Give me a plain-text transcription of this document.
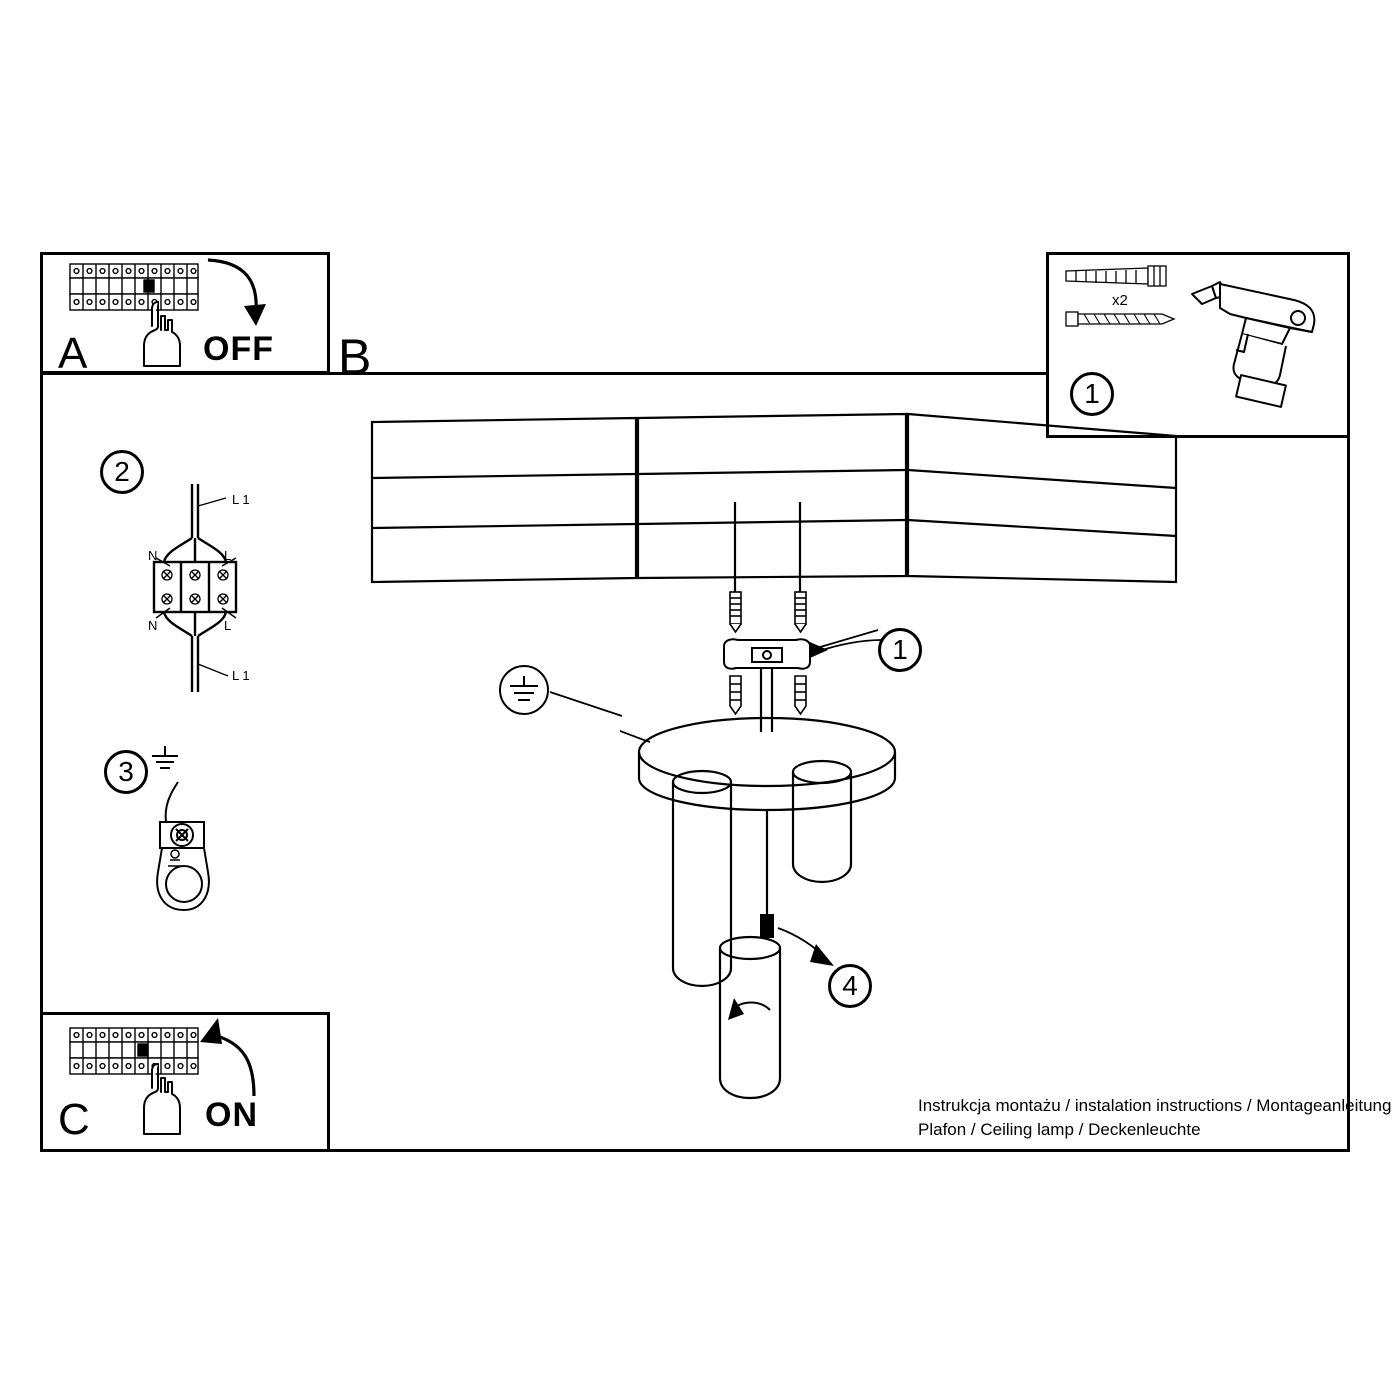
A	OFF B
1
x2
2
L 1
N	L
N	L
L 1
3
C	ON
1
4
Instrukcja montażu / instalation instructions / Montageanleitung
Plafon / Ceiling lamp / Deckenleuchte
